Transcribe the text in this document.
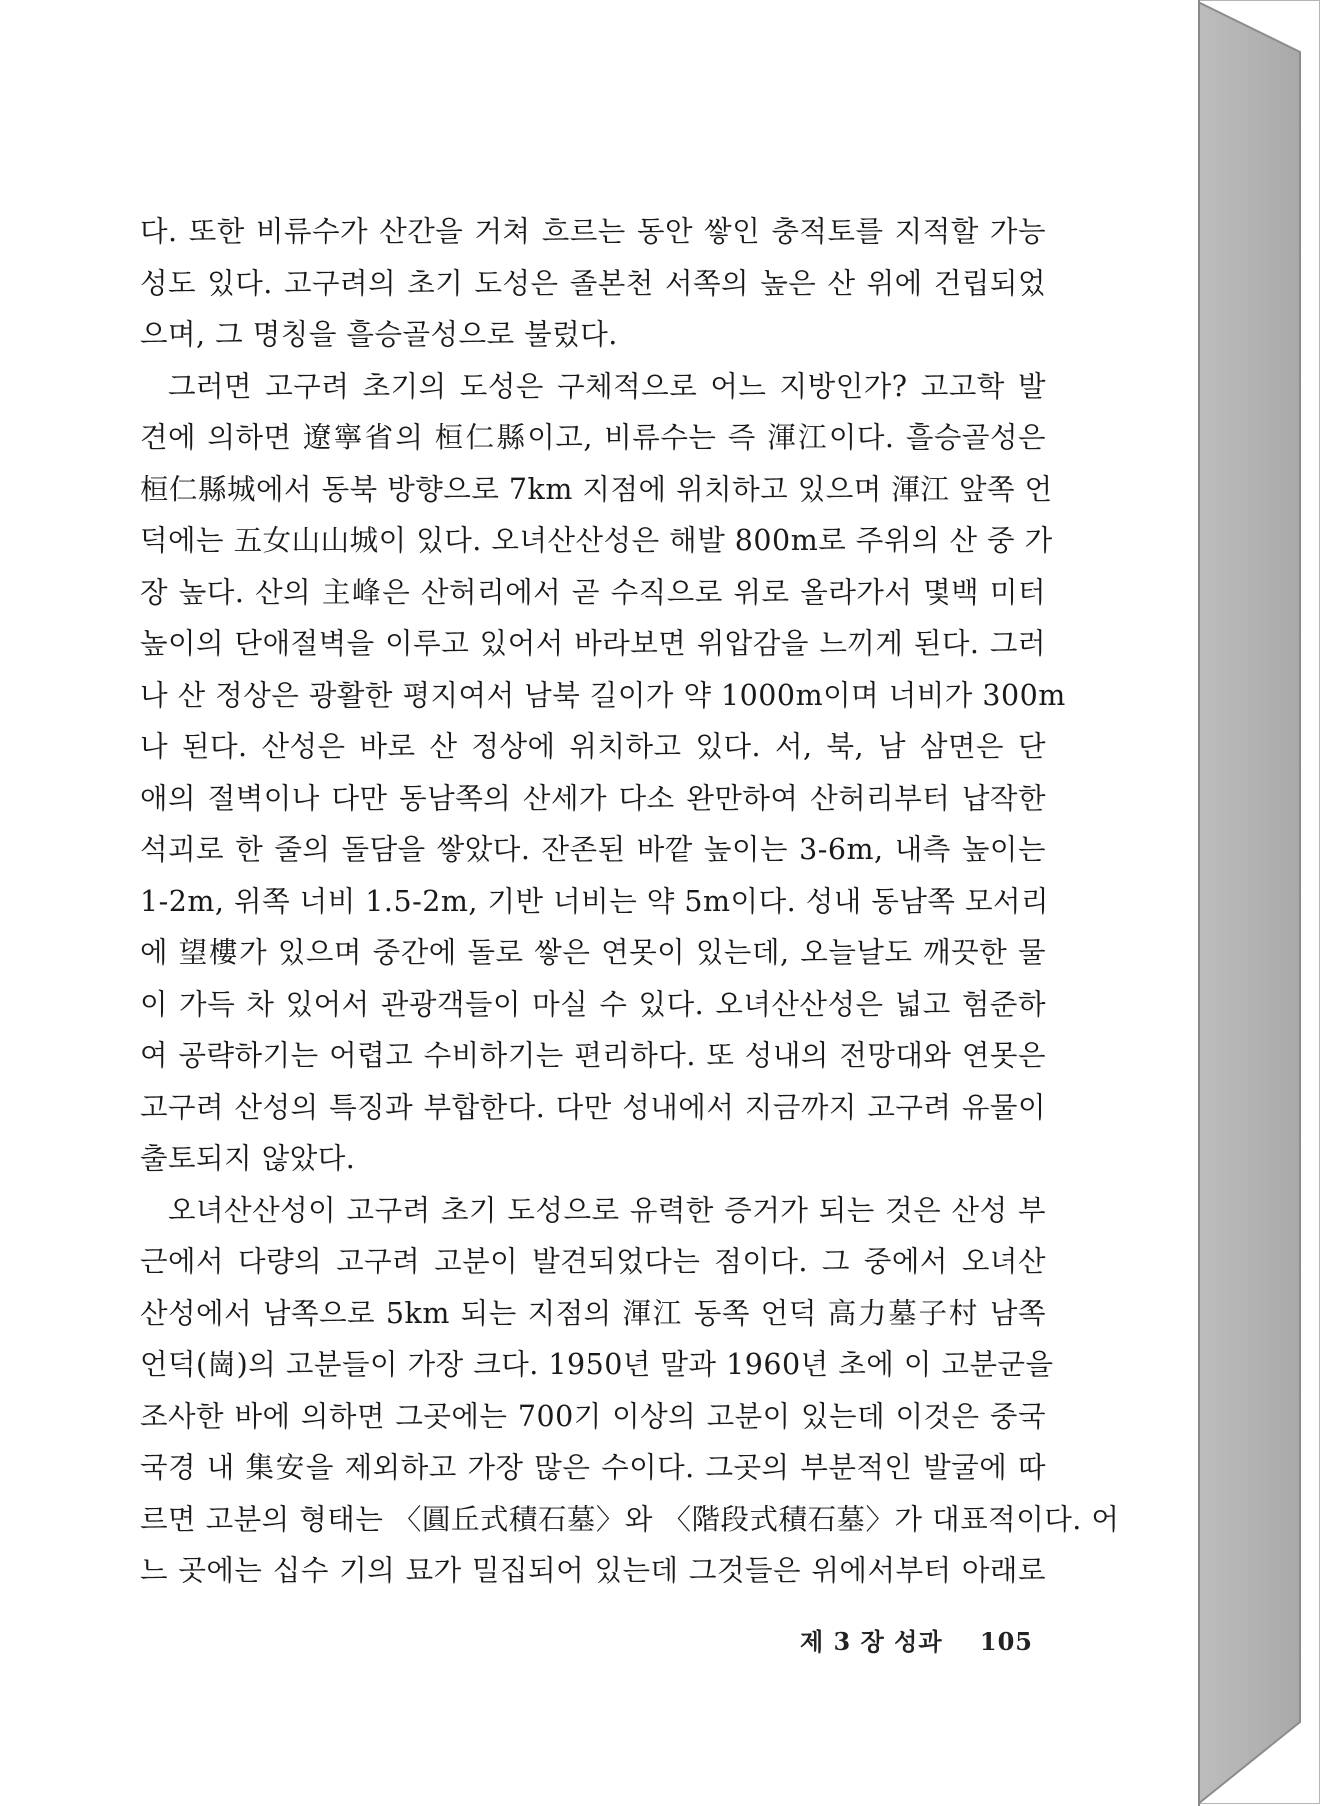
다. 또한 비류수가 산간을 거쳐 흐르는 동안 쌓인 충적토를 지적할 가능
성도 있다. 고구려의 초기 도성은 졸본천 서쪽의 높은 산 위에 건립되었
으며, 그 명칭을 흘승골성으로 불렀다.
그러면 고구려 초기의 도성은 구체적으로 어느 지방인가? 고고학 발
견에 의하면 遼寧省의 桓仁縣이고, 비류수는 즉 渾江이다. 흘승골성은
桓仁縣城에서 동북 방향으로 7km 지점에 위치하고 있으며 渾江 앞쪽 언
덕에는 五女山山城이 있다. 오녀산산성은 해발 800m로 주위의 산 중 가
장 높다. 산의 主峰은 산허리에서 곧 수직으로 위로 올라가서 몇백 미터
높이의 단애절벽을 이루고 있어서 바라보면 위압감을 느끼게 된다. 그러
나 산 정상은 광활한 평지여서 남북 길이가 약 1000m이며 너비가 300m
나 된다. 산성은 바로 산 정상에 위치하고 있다. 서, 북, 남 삼면은 단
애의 절벽이나 다만 동남쪽의 산세가 다소 완만하여 산허리부터 납작한
석괴로 한 줄의 돌담을 쌓았다. 잔존된 바깥 높이는 3-6m, 내측 높이는
1-2m, 위쪽 너비 1.5-2m, 기반 너비는 약 5m이다. 성내 동남쪽 모서리
에 望樓가 있으며 중간에 돌로 쌓은 연못이 있는데, 오늘날도 깨끗한 물
이 가득 차 있어서 관광객들이 마실 수 있다. 오녀산산성은 넓고 험준하
여 공략하기는 어렵고 수비하기는 편리하다. 또 성내의 전망대와 연못은
고구려 산성의 특징과 부합한다. 다만 성내에서 지금까지 고구려 유물이
출토되지 않았다.
오녀산산성이 고구려 초기 도성으로 유력한 증거가 되는 것은 산성 부
근에서 다량의 고구려 고분이 발견되었다는 점이다. 그 중에서 오녀산
산성에서 남쪽으로 5km 되는 지점의 渾江 동쪽 언덕 高力墓子村 남쪽
언덕(崗)의 고분들이 가장 크다. 1950년 말과 1960년 초에 이 고분군을
조사한 바에 의하면 그곳에는 700기 이상의 고분이 있는데 이것은 중국
국경 내 集安을 제외하고 가장 많은 수이다. 그곳의 부분적인 발굴에 따
르면 고분의 형태는 〈圓丘式積石墓〉와 〈階段式積石墓〉가 대표적이다. 어
느 곳에는 십수 기의 묘가 밀집되어 있는데 그것들은 위에서부터 아래로
제 3 장 성과 105
